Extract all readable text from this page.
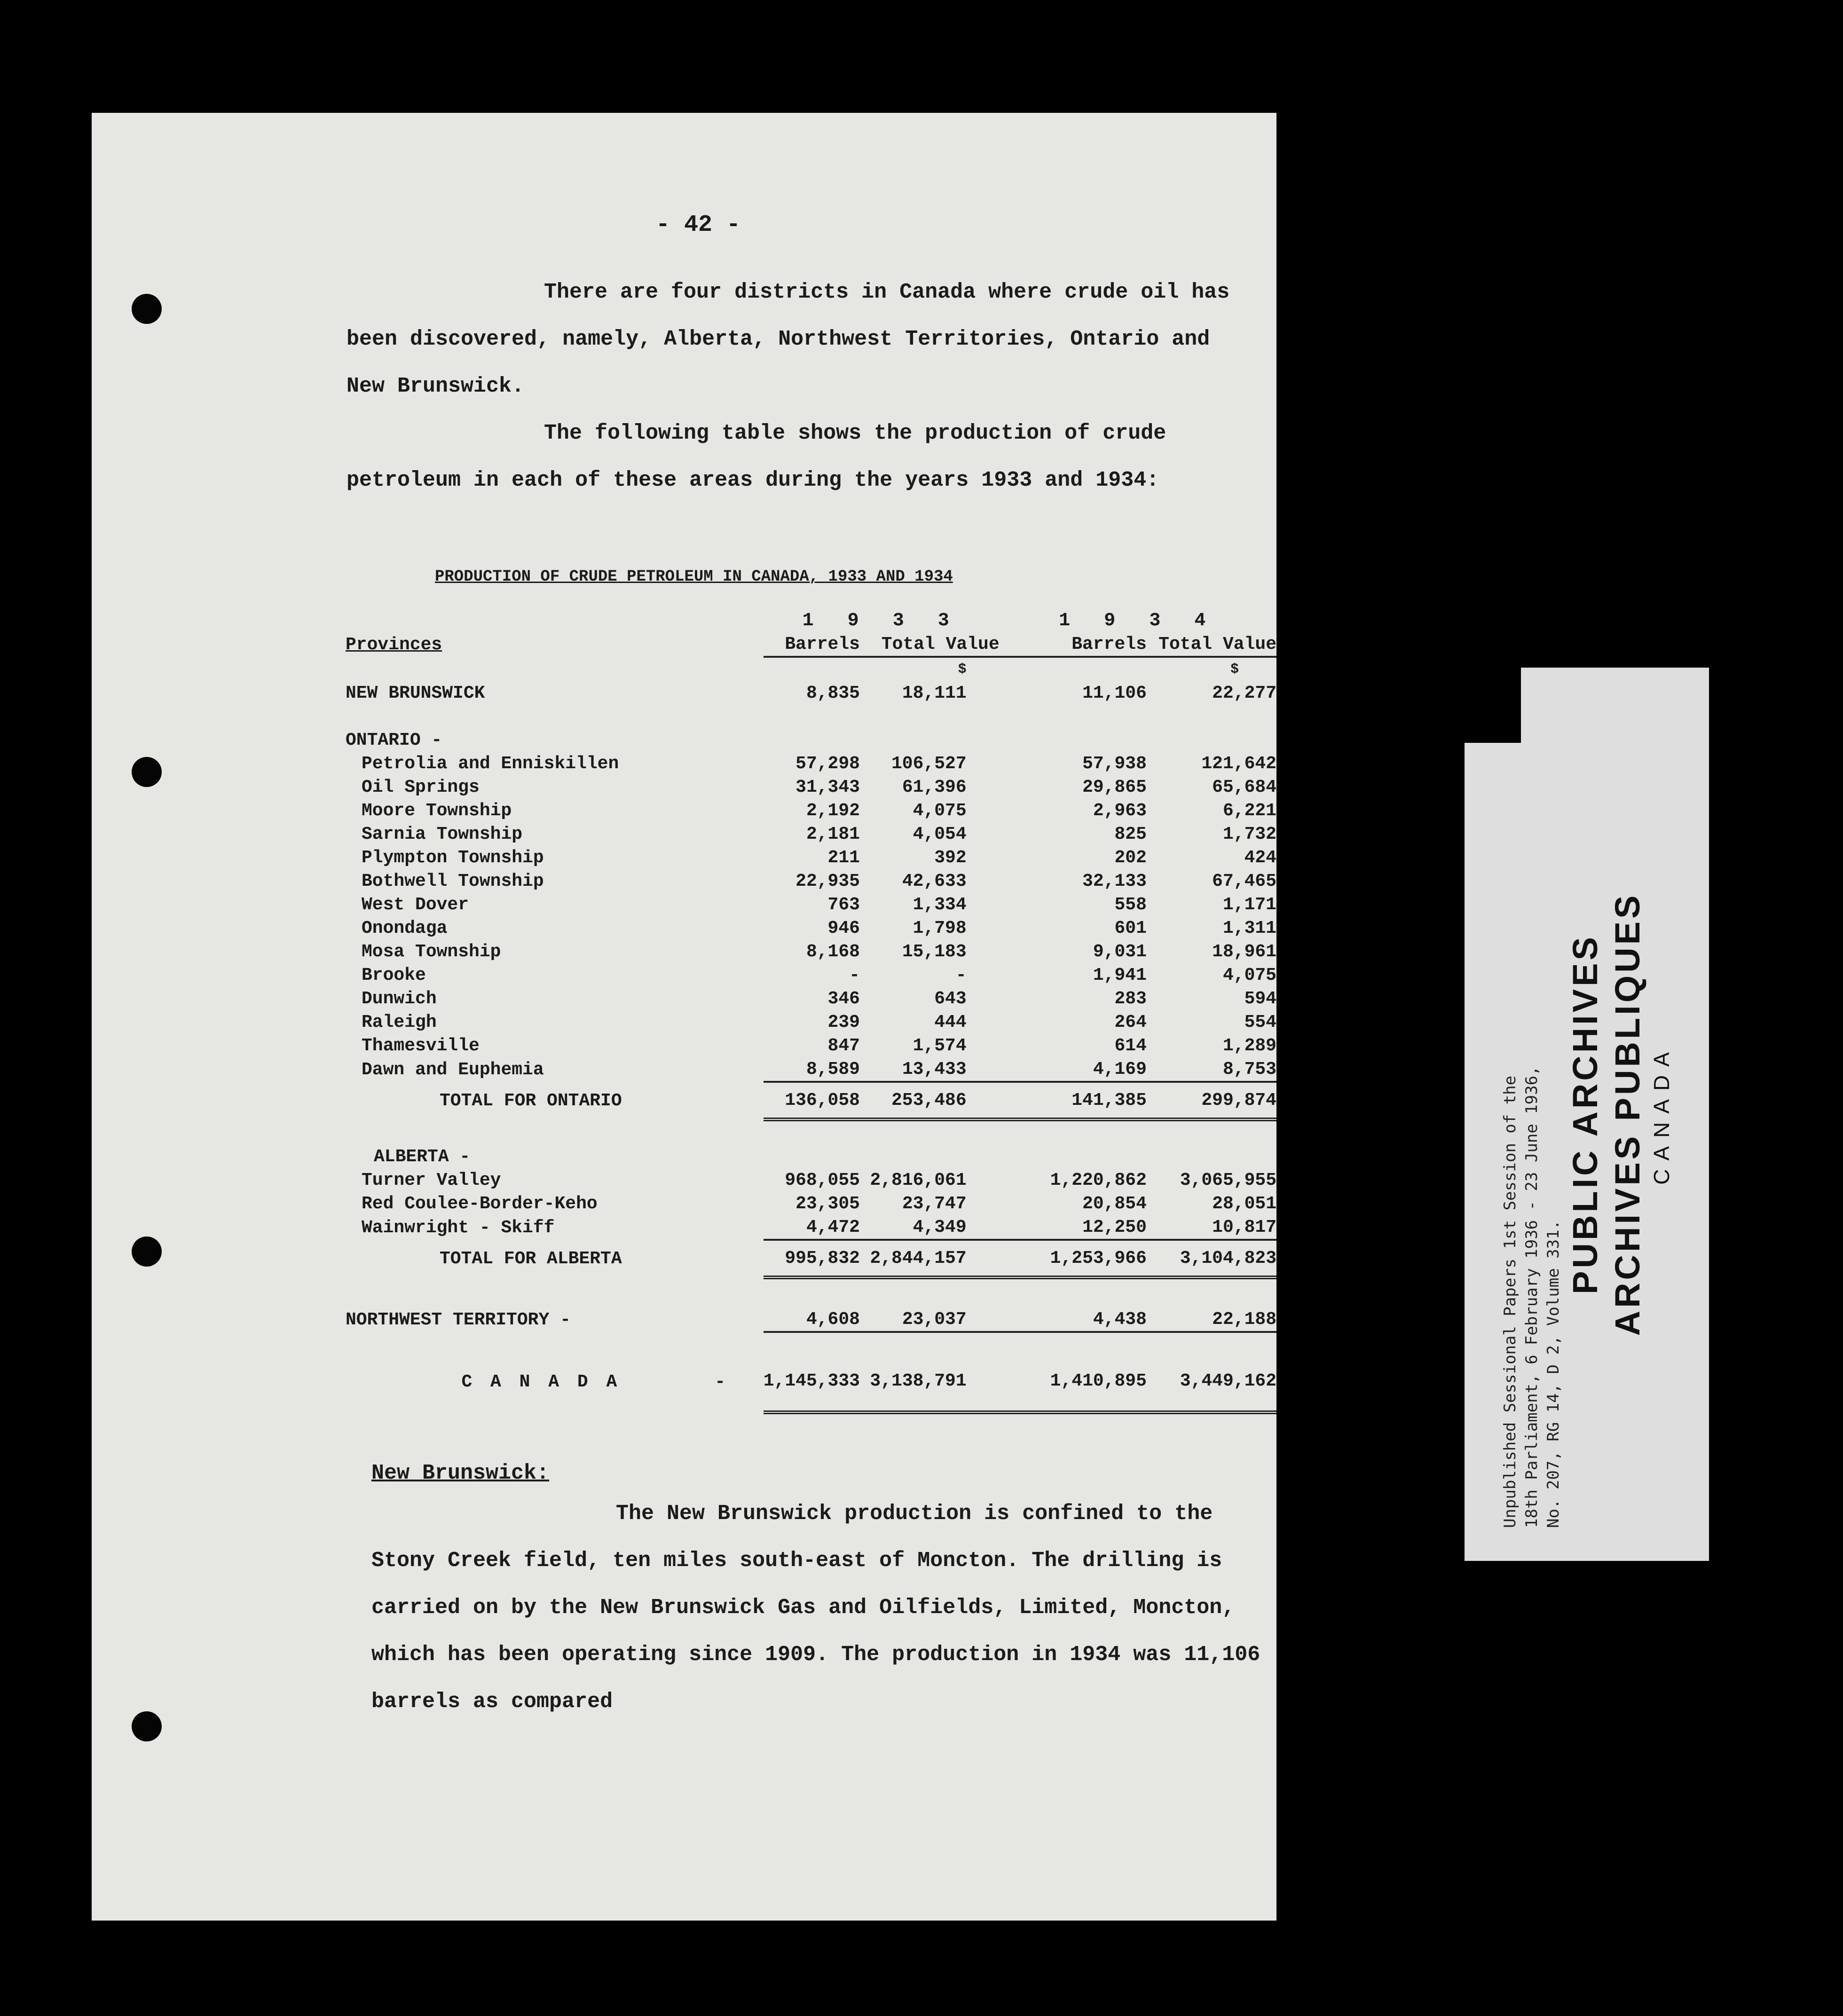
- 42 -
There are four districts in Canada where crude oil has been discovered, namely, Alberta, Northwest Territories, Ontario and New Brunswick.
The following table shows the production of crude petroleum in each of these areas during the years 1933 and 1934:
PRODUCTION OF CRUDE PETROLEUM IN CANADA, 1933 AND 1934
	1 9 3 3		1 9 3 4	
Provinces	Barrels	Total Value	Barrels	Total Value
		$		$
NEW BRUNSWICK	8,835	18,111	11,106	22,277

ONTARIO -				
Petrolia and Enniskillen	57,298	106,527	57,938	121,642
Oil Springs	31,343	61,396	29,865	65,684
Moore Township	2,192	4,075	2,963	6,221
Sarnia Township	2,181	4,054	825	1,732
Plympton Township	211	392	202	424
Bothwell Township	22,935	42,633	32,133	67,465
West Dover	763	1,334	558	1,171
Onondaga	946	1,798	601	1,311
Mosa Township	8,168	15,183	9,031	18,961
Brooke	-	-	1,941	4,075
Dunwich	346	643	283	594
Raleigh	239	444	264	554
Thamesville	847	1,574	614	1,289
Dawn and Euphemia	8,589	13,433	4,169	8,753
TOTAL FOR ONTARIO	136,058	253,486	141,385	299,874

ALBERTA -				
Turner Valley	968,055	2,816,061	1,220,862	3,065,955
Red Coulee-Border-Keho	23,305	23,747	20,854	28,051
Wainwright - Skiff	4,472	4,349	12,250	10,817
TOTAL FOR ALBERTA	995,832	2,844,157	1,253,966	3,104,823

NORTHWEST TERRITORY -	4,608	23,037	4,438	22,188

C A N A D A -	1,145,333	3,138,791	1,410,895	3,449,162
New Brunswick:
The New Brunswick production is confined to the Stony Creek field, ten miles south-east of Moncton. The drilling is carried on by the New Brunswick Gas and Oilfields, Limited, Moncton, which has been operating since 1909. The production in 1934 was 11,106 barrels as compared
Unpublished Sessional Papers 1st Session of the 18th Parliament, 6 February 1936 - 23 June 1936, No. 207, RG 14, D 2, Volume 331.
PUBLIC ARCHIVES ARCHIVES PUBLIQUES CANADA
